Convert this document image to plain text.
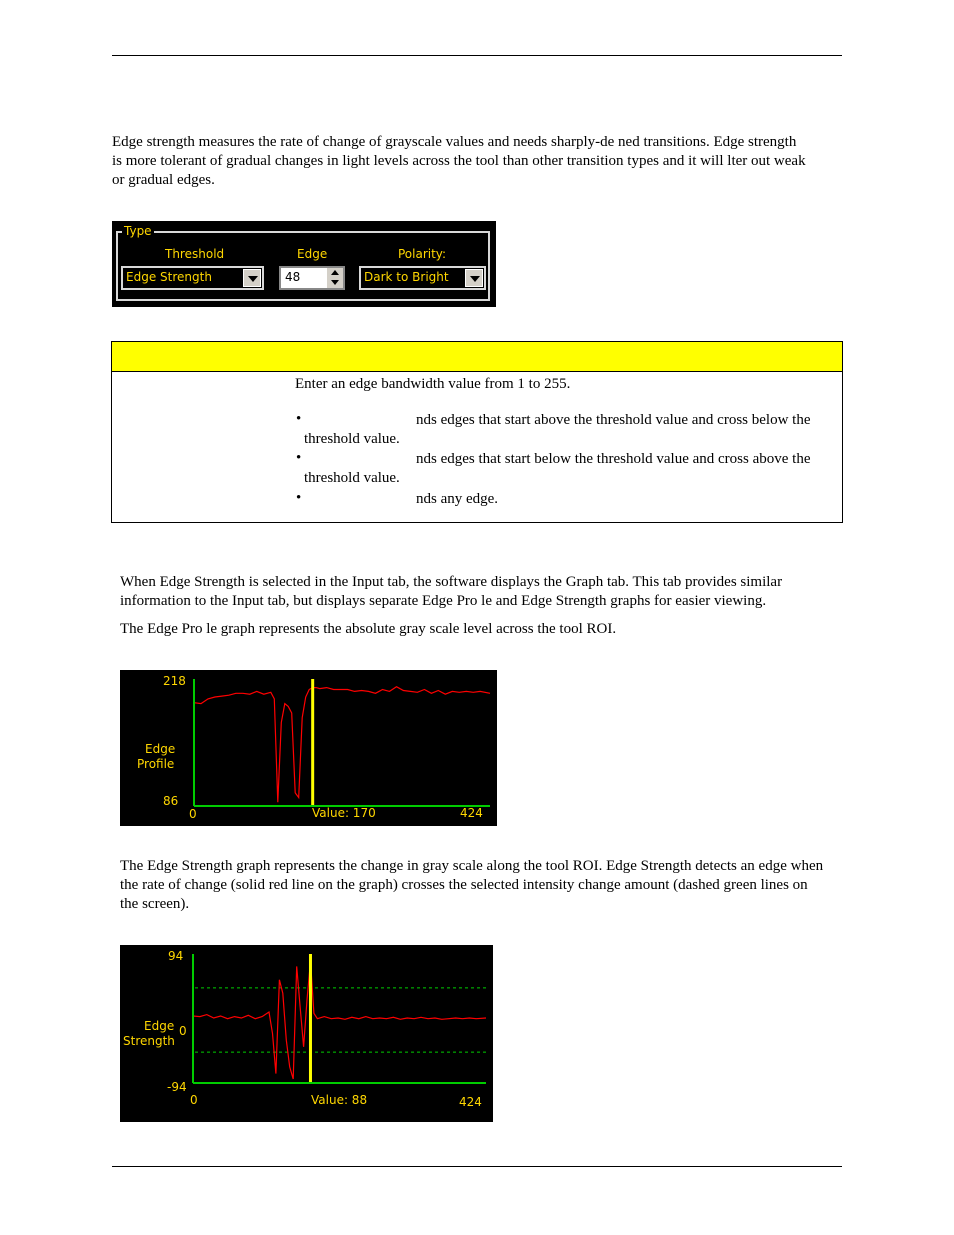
Edge strength measures the rate of change of grayscale values and needs sharply-de ned transitions. Edge strength

is more tolerant of gradual changes in light levels across the tool than other transition types and it will lter out weak

or gradual edges.

Type
Threshold	Edge	Polarity:
Edge Strength	48	Dark to Bright
Enter an edge bandwidth value from 1 to 255.
•	nds edges that start above the threshold value and cross below the
threshold value.
•	nds edges that start below the threshold value and cross above the
threshold value.
•	nds any edge.

When Edge Strength is selected in the Input tab, the software displays the Graph tab. This tab provides similar

information to the Input tab, but displays separate Edge Pro le and Edge Strength graphs for easier viewing.

The Edge Pro le graph represents the absolute gray scale level across the tool ROI.

218
Edge
Profile
86
0	Value: 170	424

The Edge Strength graph represents the change in gray scale along the tool ROI. Edge Strength detects an edge when

the rate of change (solid red line on the graph) crosses the selected intensity change amount (dashed green lines on

the screen).

94
Edge 0
Strength
-94
0	Value: 88	424
